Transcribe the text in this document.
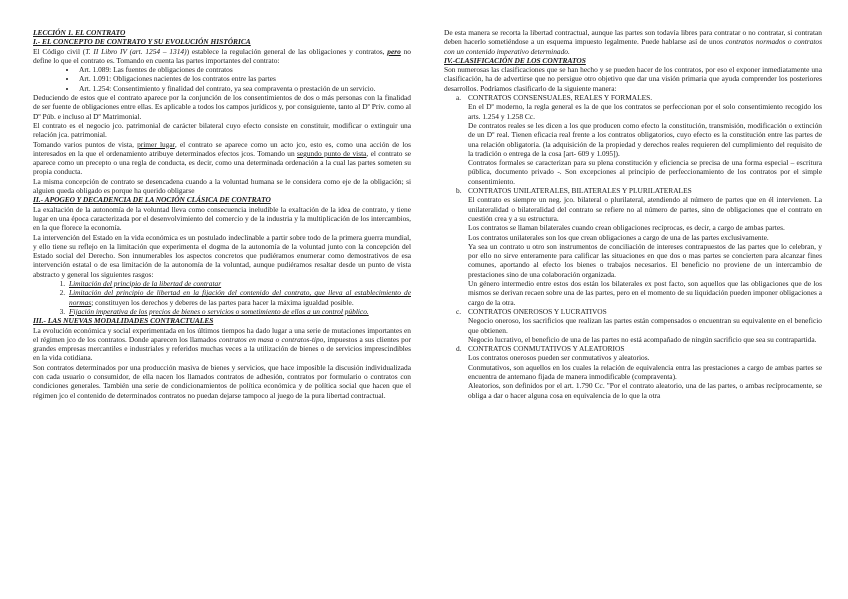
LECCIÓN 1. EL CONTRATO

I.- EL CONCEPTO DE CONTRATO Y SU EVOLUCIÓN HISTÓRICA

El Código civil (T. II Libro IV (art. 1254 – 1314)) establece la regulación general de las obligaciones y contratos, pero no define lo que el contrato es. Tomando en cuenta las partes importantes del contrato:

• Art. 1.089: Las fuentes de obligaciones de contratos
• Art. 1.091: Obligaciones nacientes de los contratos entre las partes
• Art. 1.254: Consentimiento y finalidad del contrato, ya sea compraventa o prestación de un servicio.

Deduciendo de estos que el contrato aparece por la conjunción de los consentimientos de dos o más personas con la finalidad de ser fuente de obligaciones entre ellas. Es aplicable a todos los campos jurídicos y, por consiguiente, tanto al Dº Priv. como al Dº Púb. e incluso al Dº Matrimonial.

El contrato es el negocio jco. patrimonial de carácter bilateral cuyo efecto consiste en constituir, modificar o extinguir una relación jca. patrimonial.

Tomando varios puntos de vista, primer lugar, el contrato se aparece como un acto jco, esto es, como una acción de los interesados en la que el ordenamiento atribuye determinados efectos jcos. Tomando un segundo punto de vista, el contrato se aparece como un precepto o una regla de conducta, es decir, como una determinada ordenación a la cual las partes someten su propia conducta.

La misma concepción de contrato se desencadena cuando a la voluntad humana se le considera como eje de la obligación; si alguien queda obligado es porque ha querido obligarse

II.- APOGEO Y DECADENCIA DE LA NOCIÓN CLÁSICA DE CONTRATO

La exaltación de la autonomía de la voluntad lleva como consecuencia ineludible la exaltación de la idea de contrato, y tiene lugar en una época caracterizada por el desenvolvimiento del comercio y de la industria y la multiplicación de los intercambios, en la que florece la economía.

La intervención del Estado en la vida económica es un postulado indeclinable a partir sobre todo de la primera guerra mundial, y ello tiene su reflejo en la limitación que experimenta el dogma de la autonomía de la voluntad junto con la concepción del Estado social del Derecho. Son innumerables los aspectos concretos que pudiéramos enumerar como demostrativos de esa intervención estatal o de esa limitación de la autonomía de la voluntad, aunque pudiéramos resaltar desde un punto de vista abstracto y general los siguientes rasgos:

1. Limitación del principio de la libertad de contratar
2. Limitación del principio de libertad en la fijación del contenido del contrato, que lleva al establecimiento de normas; constituyen los derechos y deberes de las partes para hacer la máxima igualdad posible.
3. Fijación imperativa de los precios de bienes o servicios o sometimiento de ellos a un control público.

III.- LAS NUEVAS MODALIDADES CONTRACTUALES

La evolución económica y social experimentada en los últimos tiempos ha dado lugar a una serie de mutaciones importantes en el régimen jco de los contratos. Donde aparecen los llamados contratos en masa o contratos-tipo, impuestos a sus clientes por grandes empresas mercantiles e industriales y referidos muchas veces a la utilización de bienes o de servicios imprescindibles en la vida cotidiana.

Son contratos determinados por una producción masiva de bienes y servicios, que hace imposible la discusión individualizada con cada usuario o consumidor, de ella nacen los llamados contratos de adhesión, contratos por formulario o contratos con condiciones generales. También una serie de condicionamientos de política económica y de política social que hacen que el régimen jco el contenido de determinados contratos no puedan dejarse tampoco al juego de la pura libertad contractual.

De esta manera se recorta la libertad contractual, aunque las partes son todavía libres para contratar o no contratar, si contratan deben hacerlo sometiéndose a un esquema impuesto legalmente. Puede hablarse así de unos contratos normados o contratos con un contenido imperativo determinado.

IV.-CLASIFICACIÓN DE LOS CONTRATOS

Son numerosas las clasificaciones que se han hecho y se pueden hacer de los contratos, por eso el exponer inmediatamente una clasificación, ha de advertirse que no persigue otro objetivo que dar una visión primaria que ayuda comprender los posteriores desarrollos. Podríamos clasificarlo de la siguiente manera:

a. CONTRATOS CONSENSUALES, REALES Y FORMALES.

En el Dº moderno, la regla general es la de que los contratos se perfeccionan por el solo consentimiento recogido los arts. 1.254 y 1.258 Cc.

De contratos reales se les dicen a los que producen como efecto la constitución, transmisión, modificación o extinción de un Dº real. Tienen eficacia real frente a los contratos obligatorios, cuyo efecto es la constitución entre las partes de una relación obligatoria. (la adquisición de la propiedad y derechos reales requieren del cumplimiento del requisito de la tradición o entrega de la cosa [art- 609 y 1.095]).

Contratos formales se caracterizan para su plena constitución y eficiencia se precisa de una forma especial – escritura pública, documento privado -. Son excepciones al principio de perfeccionamiento de los contratos por el simple consentimiento.

b. CONTRATOS UNILATERALES, BILATERALES Y PLURILATERALES

El contrato es siempre un neg. jco. bilateral o plurilateral, atendiendo al número de partes que en él intervienen. La unilateralidad o bilateralidad del contrato se refiere no al número de partes, sino de obligaciones que el contrato en cuestión crea y a su estructura.

Los contratos se llaman bilaterales cuando crean obligaciones recíprocas, es decir, a cargo de ambas partes.

Los contratos unilaterales son los que crean obligaciones a cargo de una de las partes exclusivamente.

Ya sea un contrato u otro son instrumentos de conciliación de intereses contrapuestos de las partes que lo celebran, y por ello no sirve enteramente para calificar las situaciones en que dos o mas partes se concierten para alcanzar fines comunes, aportando al efecto los bienes o trabajos necesarios. El beneficio no proviene de un intercambio de prestaciones sino de una colaboración organizada.

Un género intermedio entre estos dos están los bilaterales ex post facto, son aquellos que las obligaciones que de los mismos se derivan recaen sobre una de las partes, pero en el momento de su liquidación pueden imponer obligaciones a cargo de la otra.

c. CONTRATOS ONEROSOS Y LUCRATIVOS

Negocio oneroso, los sacrificios que realizan las partes están compensados o encuentran su equivalente en el beneficio que obtienen.

Negocio lucrativo, el beneficio de una de las partes no está acompañado de ningún sacrificio que sea su contrapartida.

d. CONTRATOS CONMUTATIVOS Y ALEATORIOS

Los contratos onerosos pueden ser conmutativos y aleatorios.

Conmutativos, son aquellos en los cuales la relación de equivalencia entra las prestaciones a cargo de ambas partes se encuentra de antemano fijada de manera inmodificable (compraventa).

Aleatorios, son definidos por el art. 1.790 Cc. "Por el contrato aleatorio, una de las partes, o ambas recíprocamente, se obliga a dar o hacer alguna cosa en equivalencia de lo que la otra
